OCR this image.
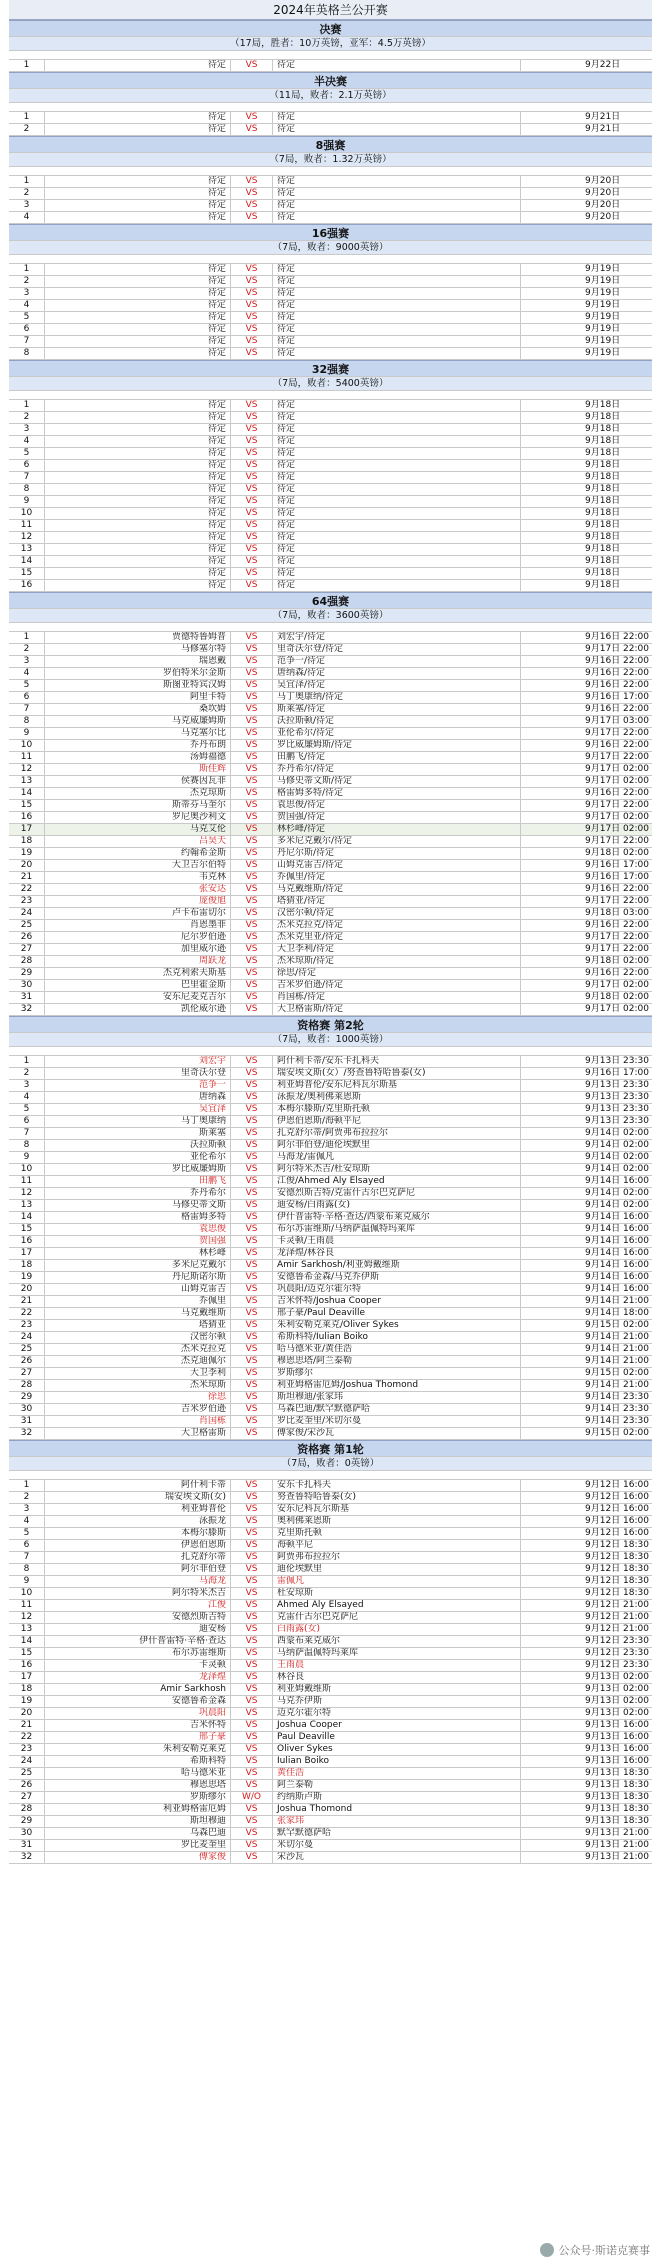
2024年英格兰公开赛
决赛
（17局，胜者：10万英镑，亚军：4.5万英镑）
1	待定	VS	待定	9月22日
半决赛
（11局，败者：2.1万英镑）
1	待定	VS	待定	9月21日
2	待定	VS	待定	9月21日
8强赛
（7局，败者：1.32万英镑）
1	待定	VS	待定	9月20日
2	待定	VS	待定	9月20日
3	待定	VS	待定	9月20日
4	待定	VS	待定	9月20日
16强赛
（7局，败者：9000英镑）
1	待定	VS	待定	9月19日
2	待定	VS	待定	9月19日
3	待定	VS	待定	9月19日
4	待定	VS	待定	9月19日
5	待定	VS	待定	9月19日
6	待定	VS	待定	9月19日
7	待定	VS	待定	9月19日
8	待定	VS	待定	9月19日
32强赛
（7局，败者：5400英镑）
1	待定	VS	待定	9月18日
2	待定	VS	待定	9月18日
3	待定	VS	待定	9月18日
4	待定	VS	待定	9月18日
5	待定	VS	待定	9月18日
6	待定	VS	待定	9月18日
7	待定	VS	待定	9月18日
8	待定	VS	待定	9月18日
9	待定	VS	待定	9月18日
10	待定	VS	待定	9月18日
11	待定	VS	待定	9月18日
12	待定	VS	待定	9月18日
13	待定	VS	待定	9月18日
14	待定	VS	待定	9月18日
15	待定	VS	待定	9月18日
16	待定	VS	待定	9月18日
64强赛
（7局，败者：3600英镑）
1	贾德特鲁姆普	VS	刘宏宇/待定	9月16日 22:00
2	马修塞尔特	VS	里奇沃尔登/待定	9月17日 22:00
3	瑞恩戴	VS	范争一/待定	9月16日 22:00
4	罗伯特米尔金斯	VS	唐纳森/待定	9月16日 22:00
5	斯图亚特宾汉姆	VS	吴宜泽/待定	9月16日 22:00
6	阿里卡特	VS	马丁奥康纳/待定	9月16日 17:00
7	桑坎姆	VS	斯莱塞/待定	9月16日 22:00
8	马克威廉姆斯	VS	沃拉斯顿/待定	9月17日 03:00
9	马克塞尔比	VS	亚伦希尔/待定	9月17日 22:00
10	乔丹布朗	VS	罗比威廉姆斯/待定	9月16日 22:00
11	汤姆福德	VS	田鹏飞/待定	9月17日 22:00
12	斯佳辉	VS	乔丹希尔/待定	9月17日 02:00
13	侯赛因瓦菲	VS	马修史蒂文斯/待定	9月17日 02:00
14	杰克琼斯	VS	格雷姆多特/待定	9月16日 22:00
15	斯蒂芬马奎尔	VS	袁思俊/待定	9月17日 22:00
16	罗尼奥沙利文	VS	贺国强/待定	9月17日 02:00
17	马克艾伦	VS	林杉峰/待定	9月17日 02:00
18	吕昊天	VS	多米尼克戴尔/待定	9月17日 22:00
19	约翰希金斯	VS	丹尼尔斯/待定	9月18日 02:00
20	大卫吉尔伯特	VS	山姆克雷吉/待定	9月16日 17:00
21	韦克林	VS	乔佩里/待定	9月16日 17:00
22	张安达	VS	马克戴维斯/待定	9月16日 22:00
23	庞俊旭	VS	塔猜亚/待定	9月17日 22:00
24	卢卡布雷切尔	VS	汉密尔顿/待定	9月18日 03:00
25	肖恩墨菲	VS	杰米克拉克/待定	9月16日 22:00
26	尼尔罗伯逊	VS	杰米克里亚/待定	9月17日 22:00
27	加里威尔逊	VS	大卫李利/待定	9月17日 22:00
28	周跃龙	VS	杰米琼斯/待定	9月18日 02:00
29	杰克利索夫斯基	VS	徐思/待定	9月16日 22:00
30	巴里霍金斯	VS	吉米罗伯逊/待定	9月17日 02:00
31	安东尼麦克吉尔	VS	肖国栋/待定	9月18日 02:00
32	凯伦威尔逊	VS	大卫格雷斯/待定	9月17日 02:00
资格赛 第2轮
（7局，败者：1000英镑）
1	刘宏宇	VS	阿什利卡蒂/安东卡扎科夫	9月13日 23:30
2	里奇沃尔登	VS	瑞安埃文斯(女）/努查鲁特哈鲁泰(女)	9月16日 17:00
3	范争一	VS	利亚姆普伦/安东尼科瓦尔斯基	9月13日 23:30
4	唐纳森	VS	泳振龙/奥利佛莱恩斯	9月13日 23:30
5	吴宜泽	VS	本梅尔滕斯/克里斯托顿	9月13日 23:30
6	马丁奥康纳	VS	伊恩伯恩斯/海顿平尼	9月13日 23:30
7	斯莱塞	VS	扎克舒尔蒂/阿贾弗布拉拉尔	9月14日 02:00
8	沃拉斯顿	VS	阿尔菲伯登/迪伦埃默里	9月14日 02:00
9	亚伦希尔	VS	马海龙/雷佩凡	9月14日 02:00
10	罗比威廉姆斯	VS	阿尔特米杰吉/杜安琼斯	9月14日 02:00
11	田鹏飞	VS	江俊/Ahmed Aly Elsayed	9月14日 16:00
12	乔丹希尔	VS	安德烈斯吉特/克雷什古尔巴克萨尼	9月14日 02:00
13	马修史蒂文斯	VS	迪安杨/白雨露(女)	9月14日 02:00
14	格雷姆多特	VS	伊什普雷特·辛格·查达/西蒙布莱克威尔	9月14日 16:00
15	袁思俊	VS	布尔苏雷维斯/马纳萨温佩特玛莱库	9月14日 16:00
16	贺国强	VS	卡灵顿/王雨晨	9月14日 16:00
17	林杉峰	VS	龙泽煌/林谷良	9月14日 16:00
18	多米尼克戴尔	VS	Amir Sarkhosh/利亚姆戴维斯	9月14日 16:00
19	丹尼斯诺尔斯	VS	安德鲁希金森/马克乔伊斯	9月14日 16:00
20	山姆克雷吉	VS	巩晨阳/迈克尔霍尔特	9月14日 16:00
21	乔佩里	VS	吉米怀特/Joshua Cooper	9月14日 21:00
22	马克戴维斯	VS	邢子豪/Paul Deaville	9月14日 18:00
23	塔猜亚	VS	朱利安勒克莱克/Oliver Sykes	9月15日 02:00
24	汉密尔顿	VS	希斯科特/Iulian Boiko	9月14日 21:00
25	杰米克拉克	VS	哈马德米亚/黄佳浩	9月14日 21:00
26	杰克迪佩尔	VS	穆恩思塔/阿兰泰勒	9月14日 21:00
27	大卫李利	VS	罗斯缪尔	9月15日 02:00
28	杰米琼斯	VS	利亚姆格雷厄姆/Joshua Thomond	9月14日 21:00
29	徐思	VS	斯坦穆迪/张家玮	9月14日 23:30
30	吉米罗伯逊	VS	乌森巴迪/默罕默德萨哈	9月14日 23:30
31	肖国栋	VS	罗比麦奎里/米切尔曼	9月14日 23:30
32	大卫格雷斯	VS	傅家俊/宋沙瓦	9月15日 02:00
资格赛 第1轮
（7局，败者：0英镑）
1	阿什利卡蒂	VS	安东卡扎科夫	9月12日 16:00
2	瑞安埃文斯(女)	VS	努查鲁特哈鲁泰(女)	9月12日 16:00
3	利亚姆普伦	VS	安东尼科瓦尔斯基	9月12日 16:00
4	泳振龙	VS	奥利佛莱恩斯	9月12日 16:00
5	本梅尔滕斯	VS	克里斯托顿	9月12日 16:00
6	伊恩伯恩斯	VS	海顿平尼	9月12日 18:30
7	扎克舒尔蒂	VS	阿贾弗布拉拉尔	9月12日 18:30
8	阿尔菲伯登	VS	迪伦埃默里	9月12日 18:30
9	马海龙	VS	雷佩凡	9月12日 18:30
10	阿尔特米杰吉	VS	杜安琼斯	9月12日 18:30
11	江俊	VS	Ahmed Aly Elsayed	9月12日 21:00
12	安德烈斯吉特	VS	克雷什古尔巴克萨尼	9月12日 21:00
13	迪安杨	VS	白雨露(女)	9月12日 21:00
14	伊什普雷特·辛格·查达	VS	西蒙布莱克威尔	9月12日 23:30
15	布尔苏雷维斯	VS	马纳萨温佩特玛莱库	9月12日 23:30
16	卡灵顿	VS	王雨晨	9月12日 23:30
17	龙泽煌	VS	林谷良	9月13日 02:00
18	Amir Sarkhosh	VS	利亚姆戴维斯	9月13日 02:00
19	安德鲁希金森	VS	马克乔伊斯	9月13日 02:00
20	巩晨阳	VS	迈克尔霍尔特	9月13日 02:00
21	吉米怀特	VS	Joshua Cooper	9月13日 16:00
22	邢子豪	VS	Paul Deaville	9月13日 16:00
23	朱利安勒克莱克	VS	Oliver Sykes	9月13日 16:00
24	希斯科特	VS	Iulian Boiko	9月13日 16:00
25	哈马德米亚	VS	黄佳浩	9月13日 18:30
26	穆恩思塔	VS	阿兰泰勒	9月13日 18:30
27	罗斯缪尔	W/O	约纳斯卢斯	9月13日 18:30
28	利亚姆格雷厄姆	VS	Joshua Thomond	9月13日 18:30
29	斯坦穆迪	VS	张家玮	9月13日 18:30
30	乌森巴迪	VS	默罕默德萨哈	9月13日 21:00
31	罗比麦奎里	VS	米切尔曼	9月13日 21:00
32	傅家俊	VS	宋沙瓦	9月13日 21:00
公众号·斯诺克赛事
